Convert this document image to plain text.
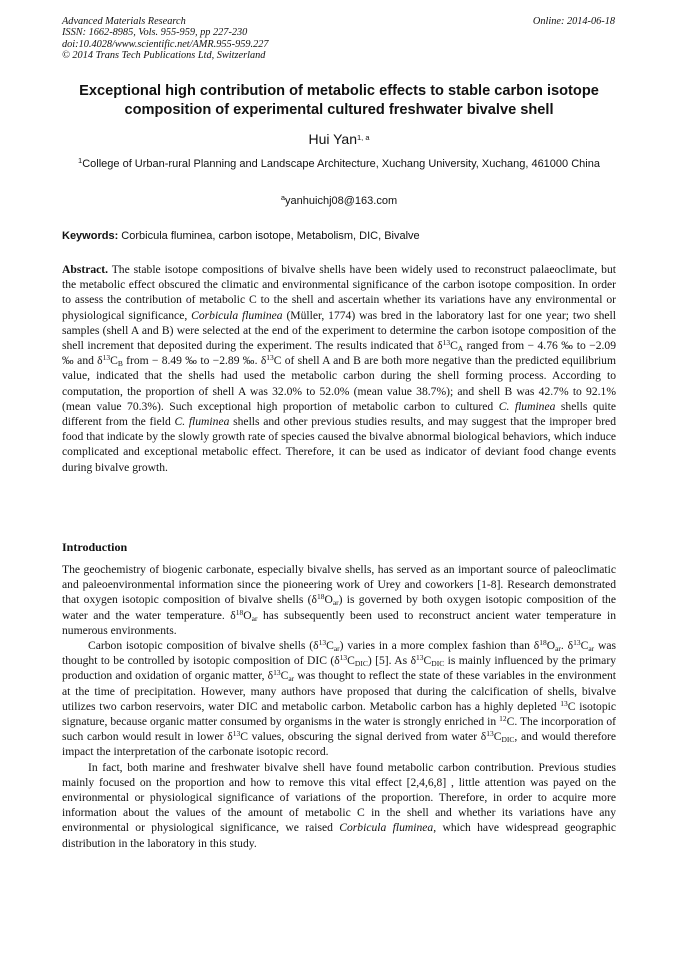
Advanced Materials Research
ISSN: 1662-8985, Vols. 955-959, pp 227-230
doi:10.4028/www.scientific.net/AMR.955-959.227
© 2014 Trans Tech Publications Ltd, Switzerland
Online: 2014-06-18
Exceptional high contribution of metabolic effects to stable carbon isotope composition of experimental cultured freshwater bivalve shell
Hui Yan$^{1, a}$
$^1$College of Urban-rural Planning and Landscape Architecture, Xuchang University, Xuchang, 461000 China
$^a$yanhuichj08@163.com
Keywords: Corbicula fluminea, carbon isotope, Metabolism, DIC, Bivalve
Abstract. The stable isotope compositions of bivalve shells have been widely used to reconstruct palaeoclimate, but the metabolic effect obscured the climatic and environmental significance of the carbon isotope composition. In order to assess the contribution of metabolic C to the shell and ascertain whether its variations have any environmental or physiological significance, Corbicula fluminea (Müller, 1774) was bred in the laboratory last for one year; two shell samples (shell A and B) were selected at the end of the experiment to determine the carbon isotope composition of the shell increment that deposited during the experiment. The results indicated that $\delta^{13}C_A$ ranged from − 4.76 ‰ to −2.09 ‰ and $\delta^{13}C_B$ from − 8.49 ‰ to −2.89 ‰. $\delta^{13}C$ of shell A and B are both more negative than the predicted equilibrium value, indicated that the shells had used the metabolic carbon during the shell forming process. According to computation, the proportion of shell A was 32.0% to 52.0% (mean value 38.7%); and shell B was 42.7% to 92.1% (mean value 70.3%). Such exceptional high proportion of metabolic carbon to cultured C. fluminea shells quite different from the field C. fluminea shells and other previous studies results, and may suggest that the improper bred food that indicate by the slowly growth rate of species caused the bivalve abnormal biological behaviors, which induce complicated and exceptional metabolic effect. Therefore, it can be used as indicator of deviant food change events during bivalve growth.
Introduction

The geochemistry of biogenic carbonate, especially bivalve shells, has served as an important source of paleoclimatic and paleoenvironmental information since the pioneering work of Urey and coworkers [1-8]. Research demonstrated that oxygen isotopic composition of bivalve shells $(\delta^{18}O_{ar})$ is governed by both oxygen isotopic composition of the water and the water temperature. $\delta^{18}O_{ar}$ has subsequently been used to reconstruct ancient water temperature in numerous environments.

Carbon isotopic composition of bivalve shells $(\delta^{13}C_{ar})$ varies in a more complex fashion than $\delta^{18}O_{ar}$. $\delta^{13}C_{ar}$ was thought to be controlled by isotopic composition of DIC $(\delta^{13}C_{DIC})$ [5]. As $\delta^{13}C_{DIC}$ is mainly influenced by the primary production and oxidation of organic matter, $\delta^{13}C_{ar}$ was thought to reflect the state of these variables in the environment at the time of precipitation. However, many authors have proposed that during the calcification of shells, bivalve utilizes two carbon reservoirs, water DIC and metabolic carbon. Metabolic carbon has a highly depleted $^{13}$C isotopic signature, because organic matter consumed by organisms in the water is strongly enriched in $^{12}$C. The incorporation of such carbon would result in lower $\delta^{13}C$ values, obscuring the signal derived from water $\delta^{13}C_{DIC}$, and would therefore impact the interpretation of the carbonate isotopic record.

In fact, both marine and freshwater bivalve shell have found metabolic carbon contribution. Previous studies mainly focused on the proportion and how to remove this vital effect [2,4,6,8] , little attention was payed on the environmental or physiological significance of variations of the proportion. Therefore, in order to acquire more information about the values of the amount of metabolic C in the shell and whether its variations have any environmental or physiological significance, we raised Corbicula fluminea, which have widespread geographic distribution in the laboratory in this study.
